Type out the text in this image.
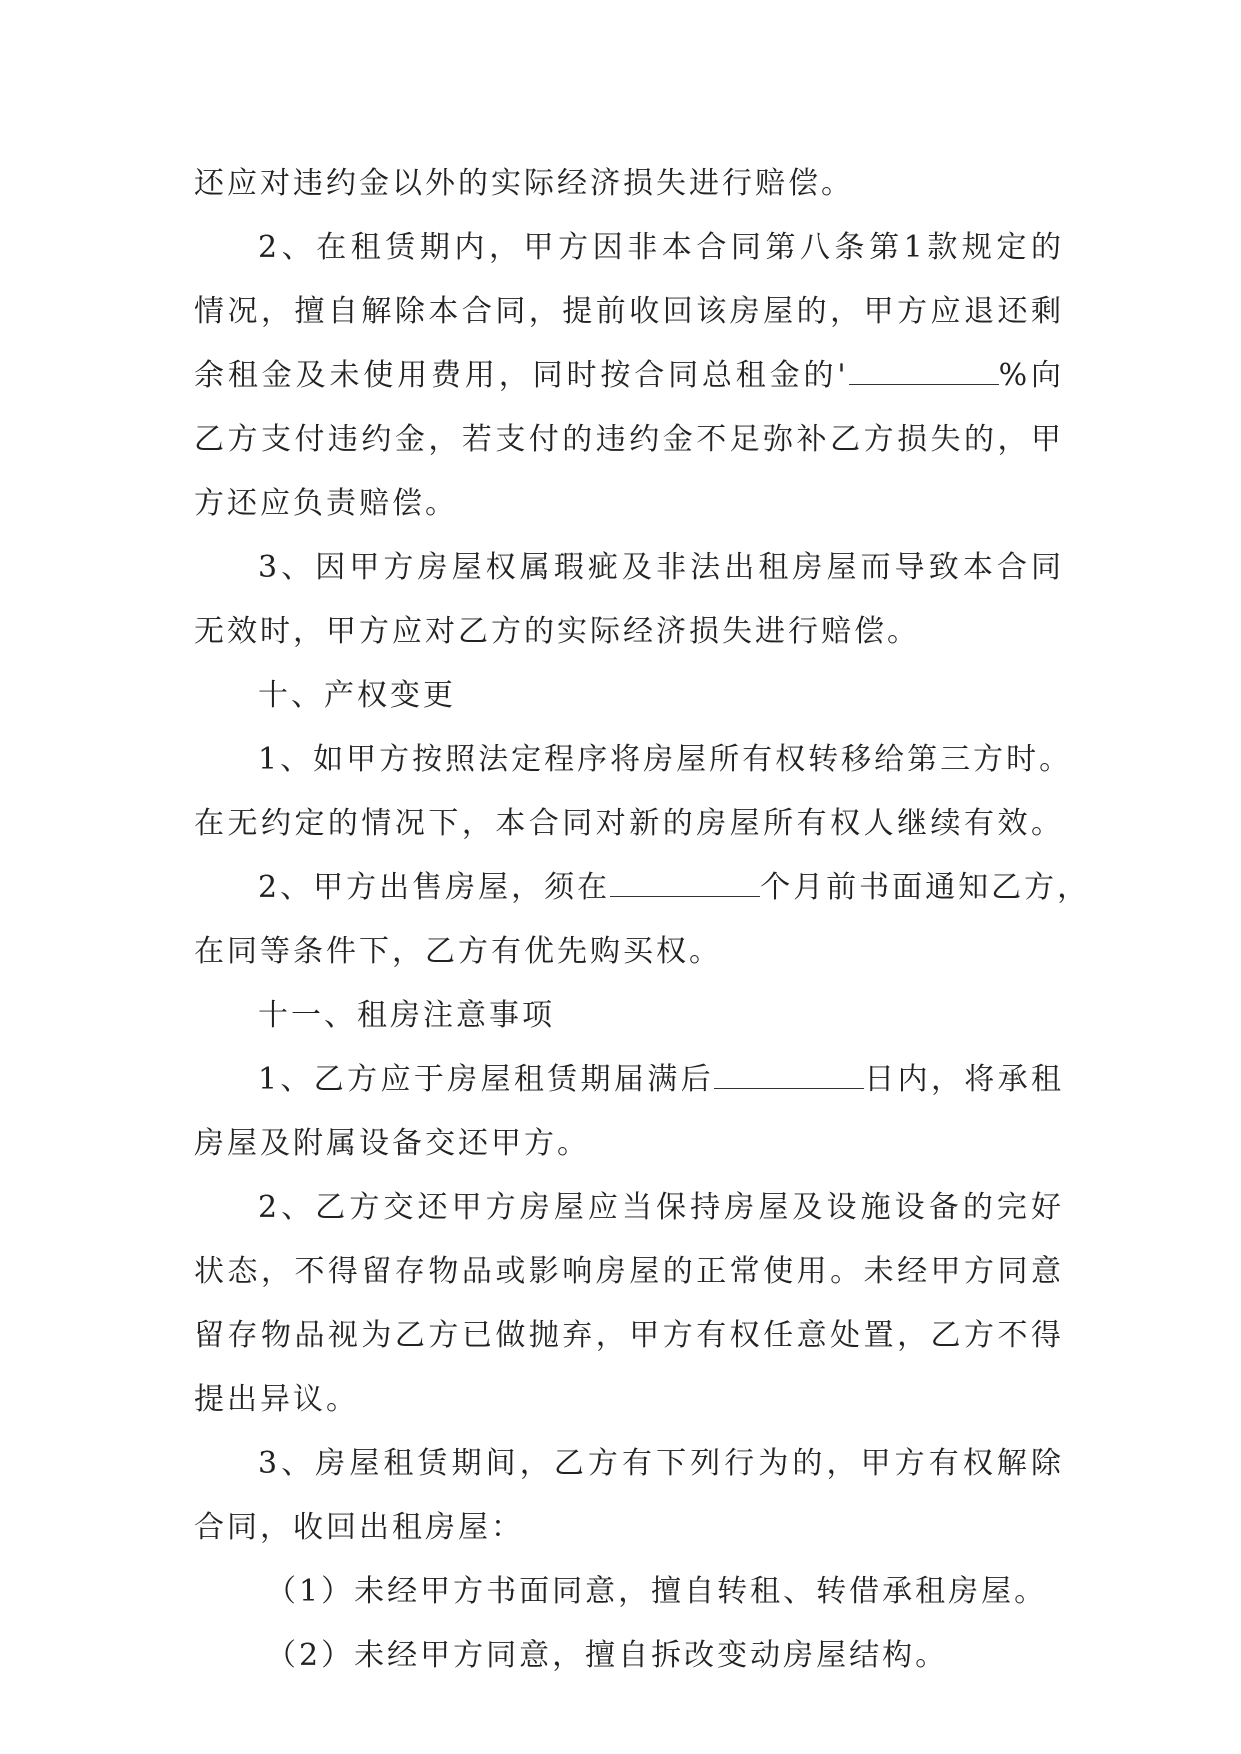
还应对违约金以外的实际经济损失进行赔偿。
2、在租赁期内，甲方因非本合同第八条第1款规定的
情况，擅自解除本合同，提前收回该房屋的，甲方应退还剩
余租金及未使用费用，同时按合同总租金的'	%向
乙方支付违约金，若支付的违约金不足弥补乙方损失的，甲
方还应负责赔偿。
3、因甲方房屋权属瑕疵及非法出租房屋而导致本合同
无效时，甲方应对乙方的实际经济损失进行赔偿。
十、产权变更
1、如甲方按照法定程序将房屋所有权转移给第三方时。
在无约定的情况下，本合同对新的房屋所有权人继续有效。
2、甲方出售房屋，须在	个月前书面通知乙方，
在同等条件下，乙方有优先购买权。
十一、租房注意事项
1、乙方应于房屋租赁期届满后	日内，将承租
房屋及附属设备交还甲方。
2、乙方交还甲方房屋应当保持房屋及设施设备的完好
状态，不得留存物品或影响房屋的正常使用。未经甲方同意
留存物品视为乙方已做抛弃，甲方有权任意处置，乙方不得
提出异议。
3、房屋租赁期间，乙方有下列行为的，甲方有权解除
合同，收回出租房屋：
（1）未经甲方书面同意，擅自转租、转借承租房屋。
（2）未经甲方同意，擅自拆改变动房屋结构。
